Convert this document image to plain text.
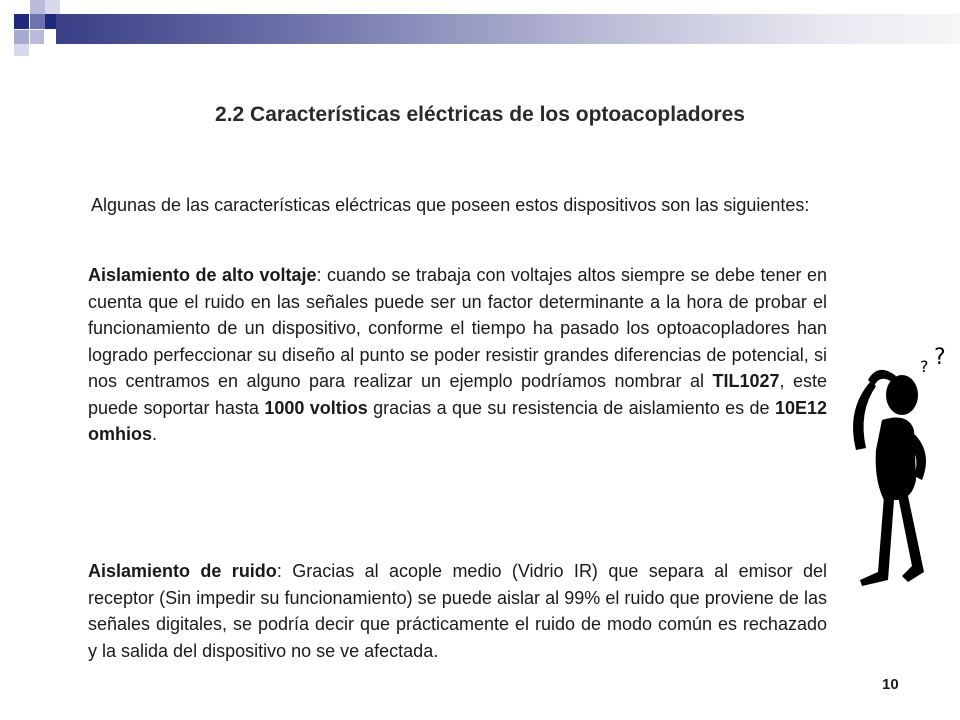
2.2 Características eléctricas de los optoacopladores
Algunas de las características eléctricas que poseen estos dispositivos son las siguientes:
Aislamiento de alto voltaje: cuando se trabaja con voltajes altos siempre se debe tener en cuenta que el ruido en las señales puede ser un factor determinante a la hora de probar el funcionamiento de un dispositivo, conforme el tiempo ha pasado los optoacopladores han logrado perfeccionar su diseño al punto se poder resistir grandes diferencias de potencial, si nos centramos en alguno para realizar un ejemplo podríamos nombrar al TIL1027, este puede soportar hasta 1000 voltios gracias a que su resistencia de aislamiento es de 10E12 omhios.
Aislamiento de ruido: Gracias al acople medio (Vidrio IR) que separa al emisor del receptor (Sin impedir su funcionamiento) se puede aislar al 99% el ruido que proviene de las señales digitales, se podría decir que prácticamente el ruido de modo común es rechazado y la salida del dispositivo no se ve afectada.
10
? ?
